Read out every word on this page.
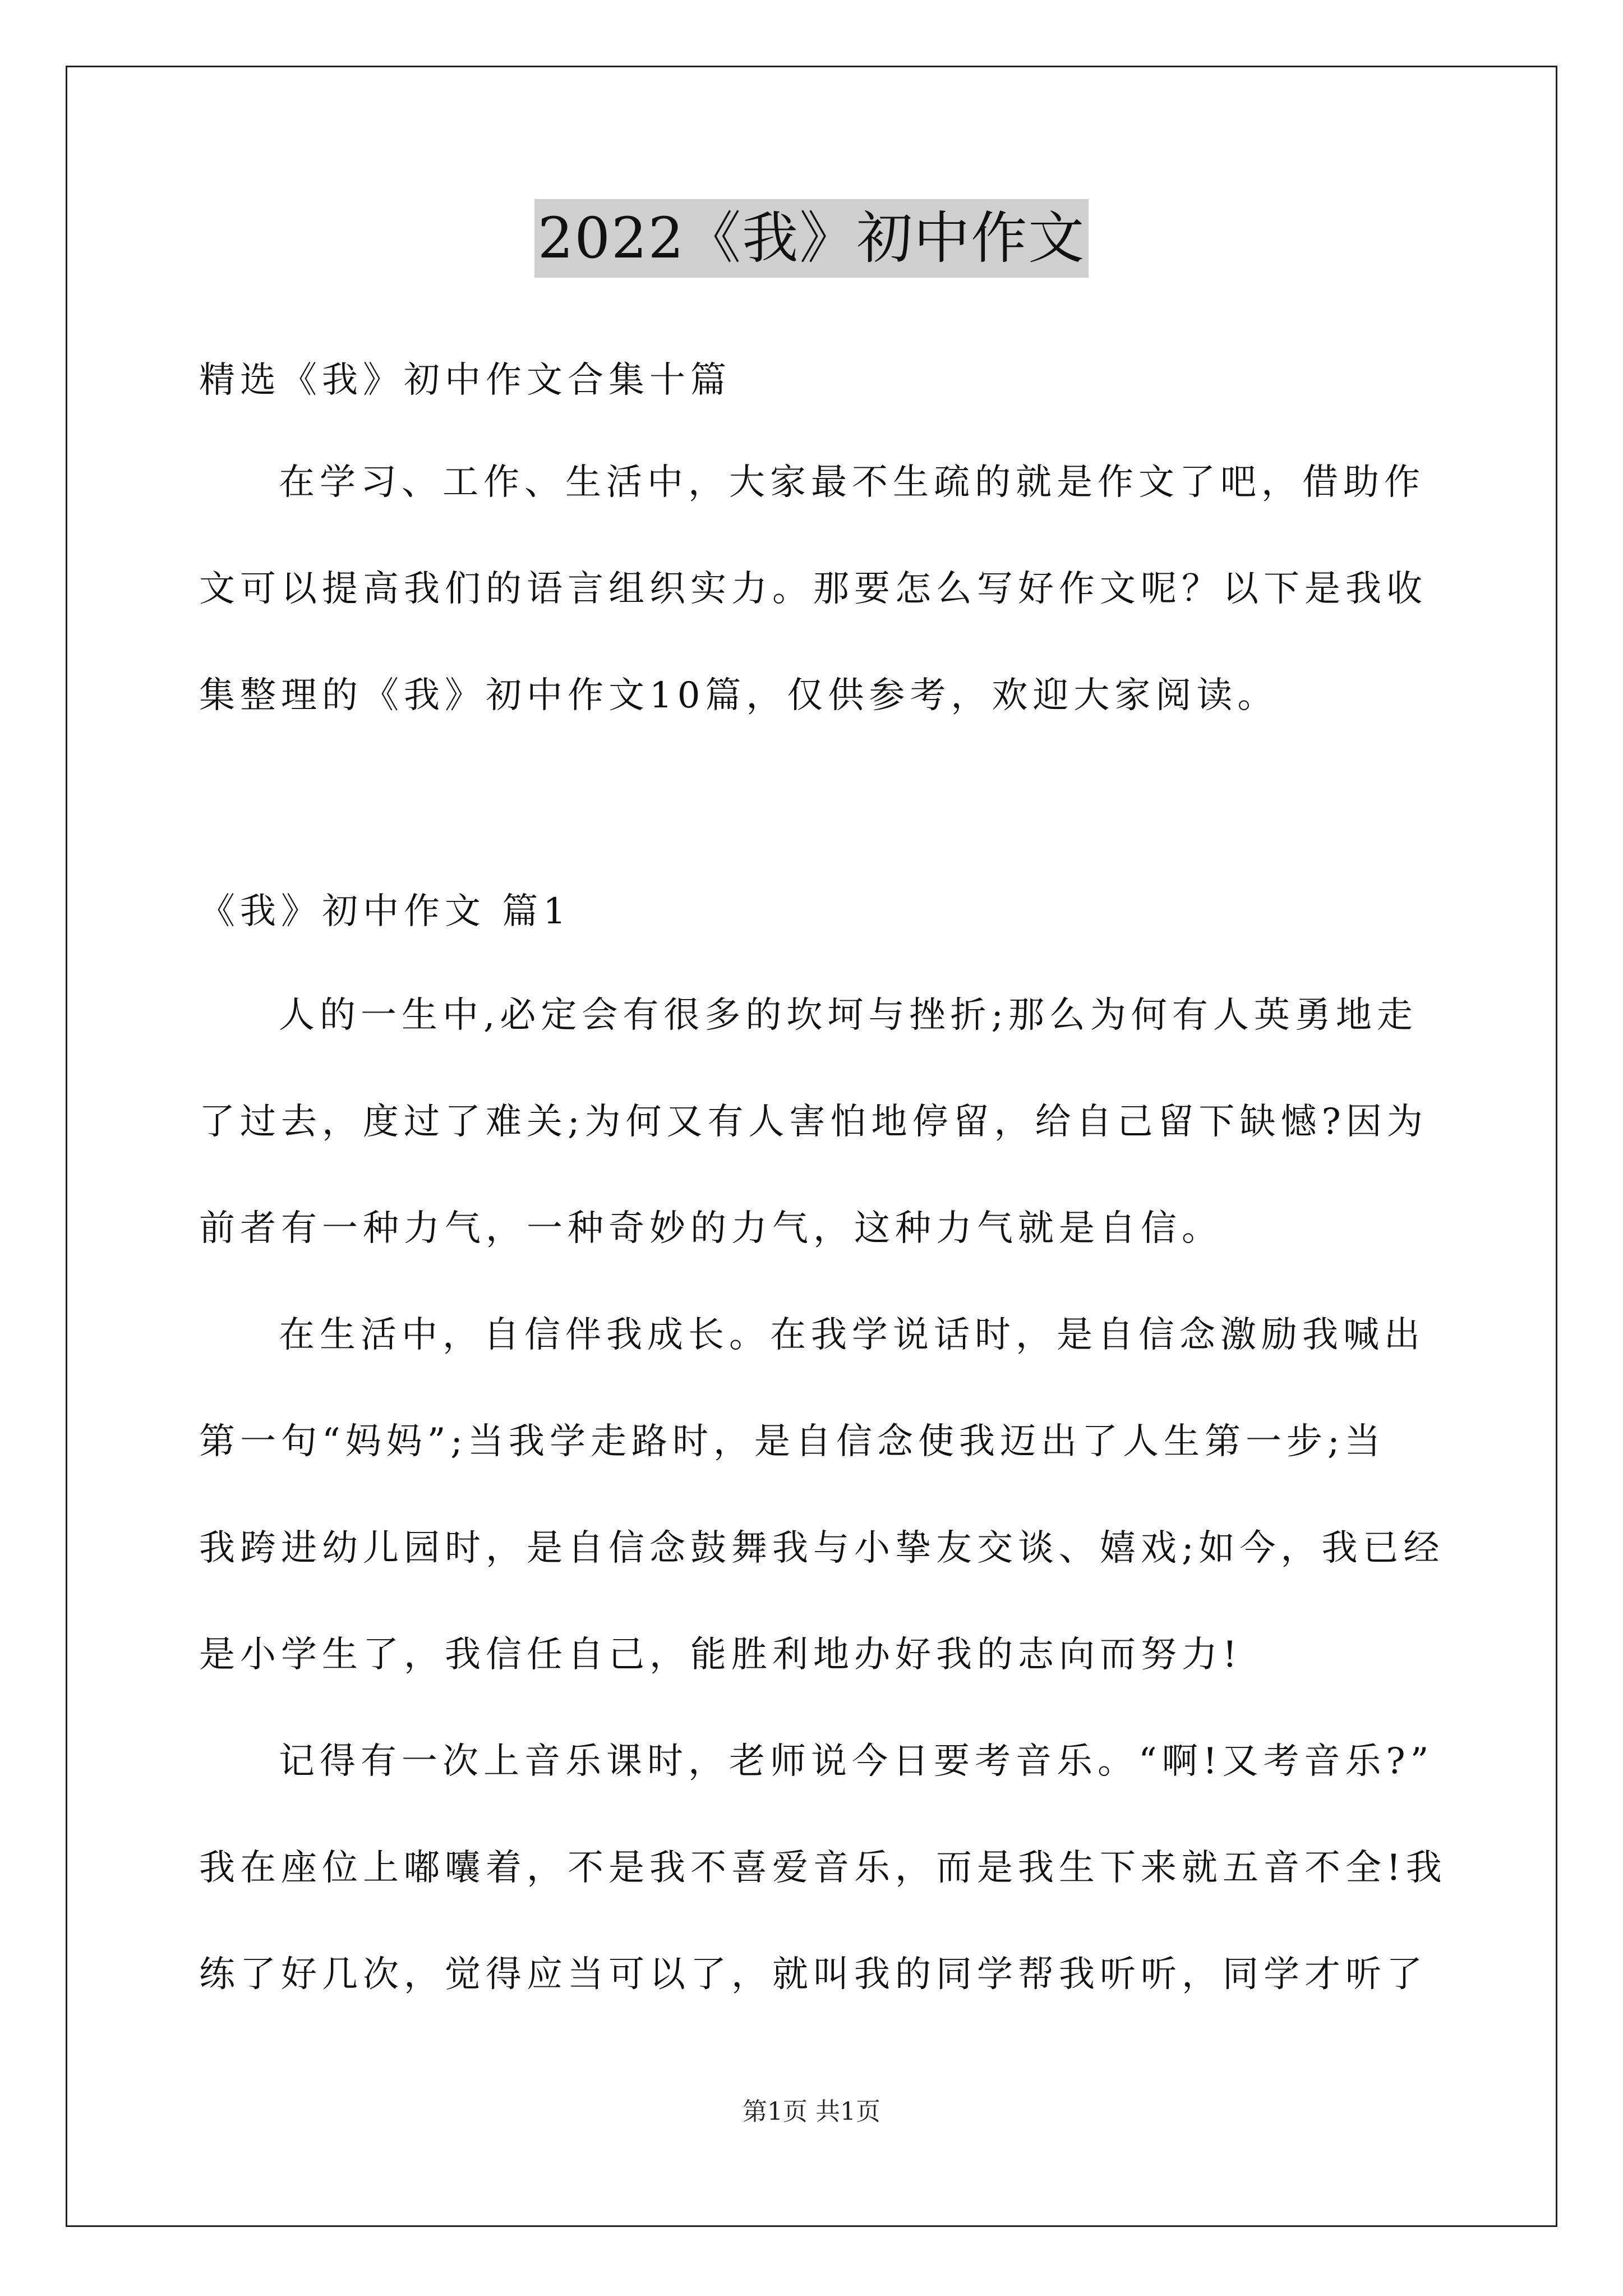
2022《我》初中作文
精选《我》初中作文合集十篇
在学习、工作、生活中，大家最不生疏的就是作文了吧，借助作
文可以提高我们的语言组织实力。那要怎么写好作文呢？以下是我收
集整理的《我》初中作文10篇，仅供参考，欢迎大家阅读。
《我》初中作文 篇1
人的一生中,必定会有很多的坎坷与挫折;那么为何有人英勇地走
了过去，度过了难关;为何又有人害怕地停留，给自己留下缺憾?因为
前者有一种力气，一种奇妙的力气，这种力气就是自信。
在生活中，自信伴我成长。在我学说话时，是自信念激励我喊出
第一句“妈妈”;当我学走路时，是自信念使我迈出了人生第一步;当
我跨进幼儿园时，是自信念鼓舞我与小挚友交谈、嬉戏;如今，我已经
是小学生了，我信任自己，能胜利地办好我的志向而努力!
记得有一次上音乐课时，老师说今日要考音乐。“啊!又考音乐?”
我在座位上嘟囔着，不是我不喜爱音乐，而是我生下来就五音不全!我
练了好几次，觉得应当可以了，就叫我的同学帮我听听，同学才听了
第1页 共1页
